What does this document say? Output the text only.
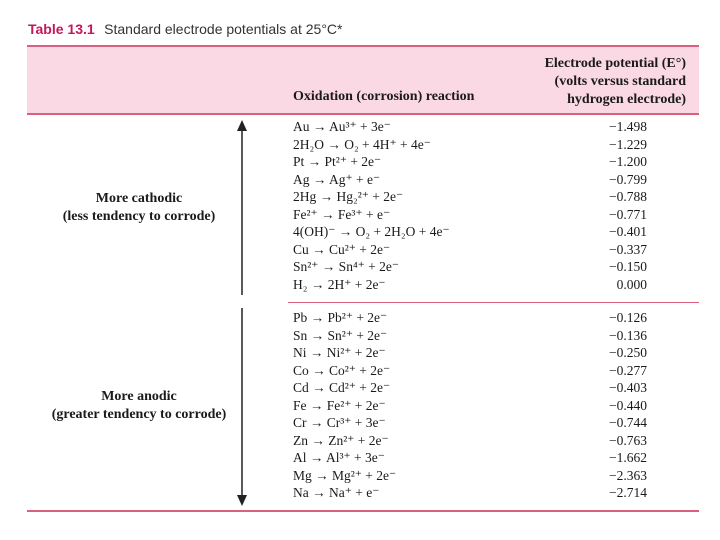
Table 13.1 Standard electrode potentials at 25°C*
Oxidation (corrosion) reaction
Electrode potential (E°)
(volts versus standard
hydrogen electrode)
More cathodic
(less tendency to corrode)
More anodic
(greater tendency to corrode)
Au → Au³⁺ + 3e⁻	−1.498
2H₂O → O₂ + 4H⁺ + 4e⁻	−1.229
Pt → Pt²⁺ + 2e⁻	−1.200
Ag → Ag⁺ + e⁻	−0.799
2Hg → Hg₂²⁺ + 2e⁻	−0.788
Fe²⁺ → Fe³⁺ + e⁻	−0.771
4(OH)⁻ → O₂ + 2H₂O + 4e⁻	−0.401
Cu → Cu²⁺ + 2e⁻	−0.337
Sn²⁺ → Sn⁴⁺ + 2e⁻	−0.150
H₂ → 2H⁺ + 2e⁻	0.000
Pb → Pb²⁺ + 2e⁻	−0.126
Sn → Sn²⁺ + 2e⁻	−0.136
Ni → Ni²⁺ + 2e⁻	−0.250
Co → Co²⁺ + 2e⁻	−0.277
Cd → Cd²⁺ + 2e⁻	−0.403
Fe → Fe²⁺ + 2e⁻	−0.440
Cr → Cr³⁺ + 3e⁻	−0.744
Zn → Zn²⁺ + 2e⁻	−0.763
Al → Al³⁺ + 3e⁻	−1.662
Mg → Mg²⁺ + 2e⁻	−2.363
Na → Na⁺ + e⁻	−2.714
